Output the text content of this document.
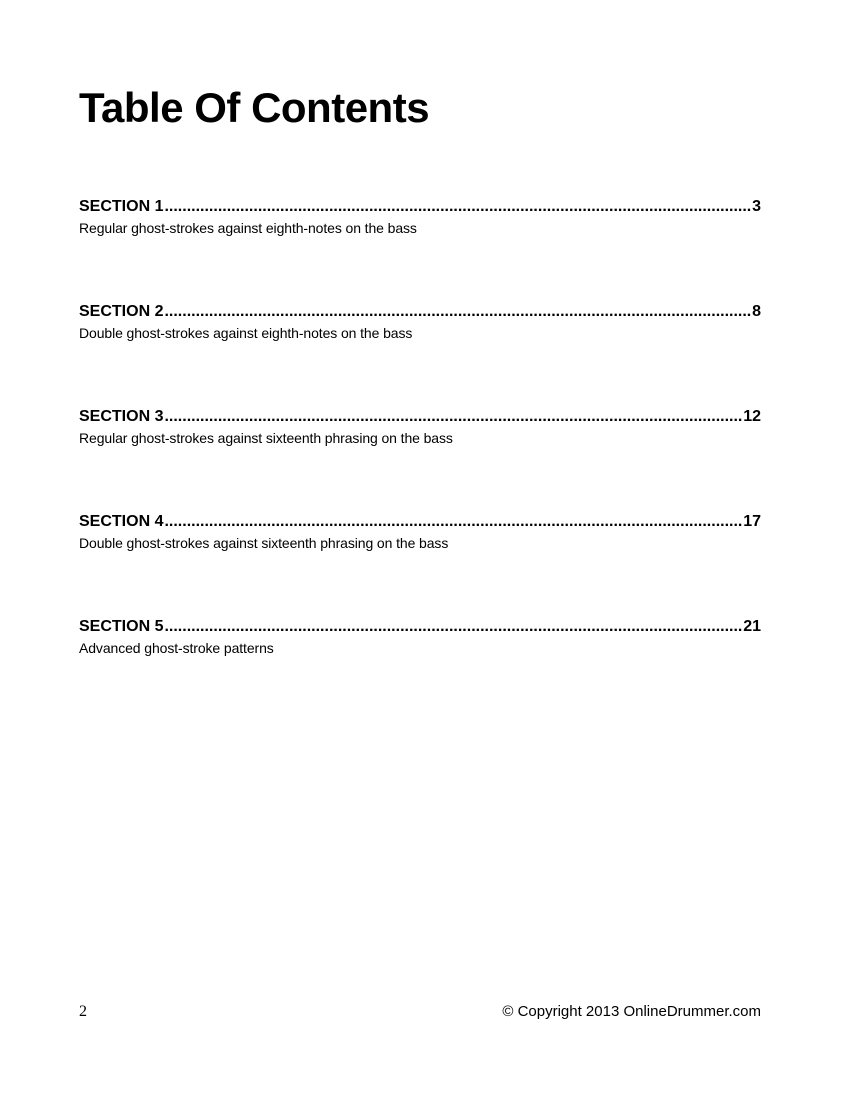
Table Of Contents
SECTION 1 .....	3
Regular ghost-strokes against eighth-notes on the bass
SECTION 2 .....	8
Double ghost-strokes against eighth-notes on the bass
SECTION 3 .....	12
Regular ghost-strokes against sixteenth phrasing on the bass
SECTION 4 .....	17
Double ghost-strokes against sixteenth phrasing on the bass
SECTION 5 .....	21
Advanced ghost-stroke patterns
2	© Copyright 2013 OnlineDrummer.com
